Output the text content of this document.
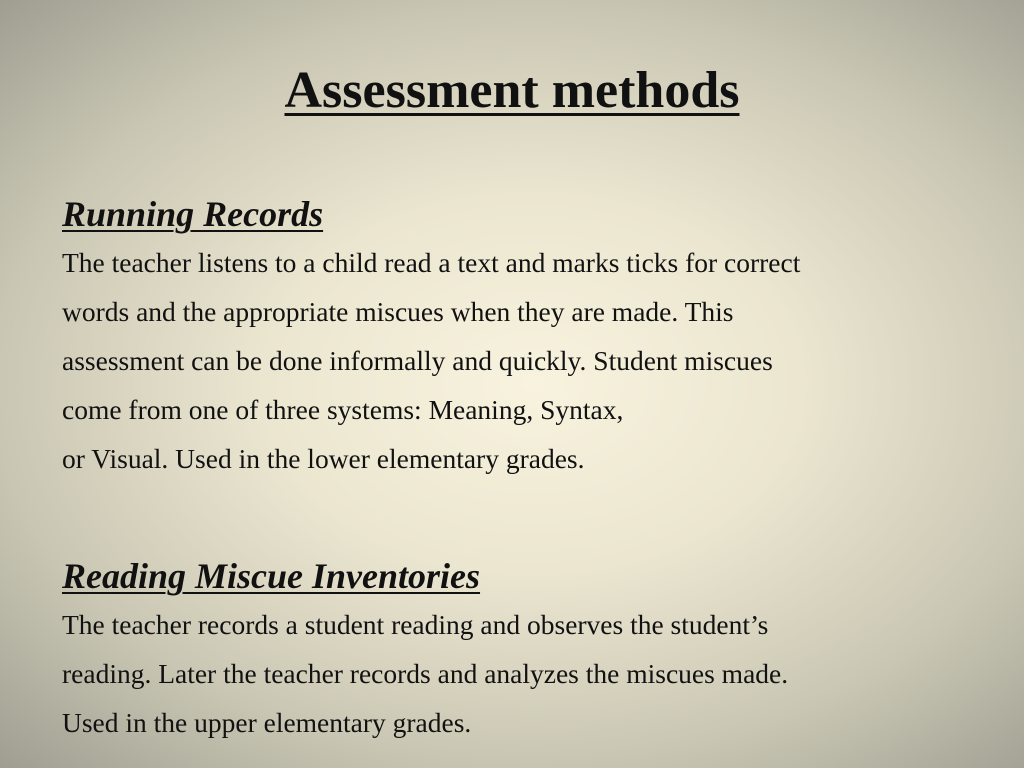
Assessment methods
Running Records

The teacher listens to a child read a text and marks ticks for correct
words and the appropriate miscues when they are made. This
assessment can be done informally and quickly. Student miscues
come from one of three systems: Meaning, Syntax,
or Visual. Used in the lower elementary grades.

Reading Miscue Inventories

The teacher records a student reading and observes the student’s
reading. Later the teacher records and analyzes the miscues made.
Used in the upper elementary grades.
